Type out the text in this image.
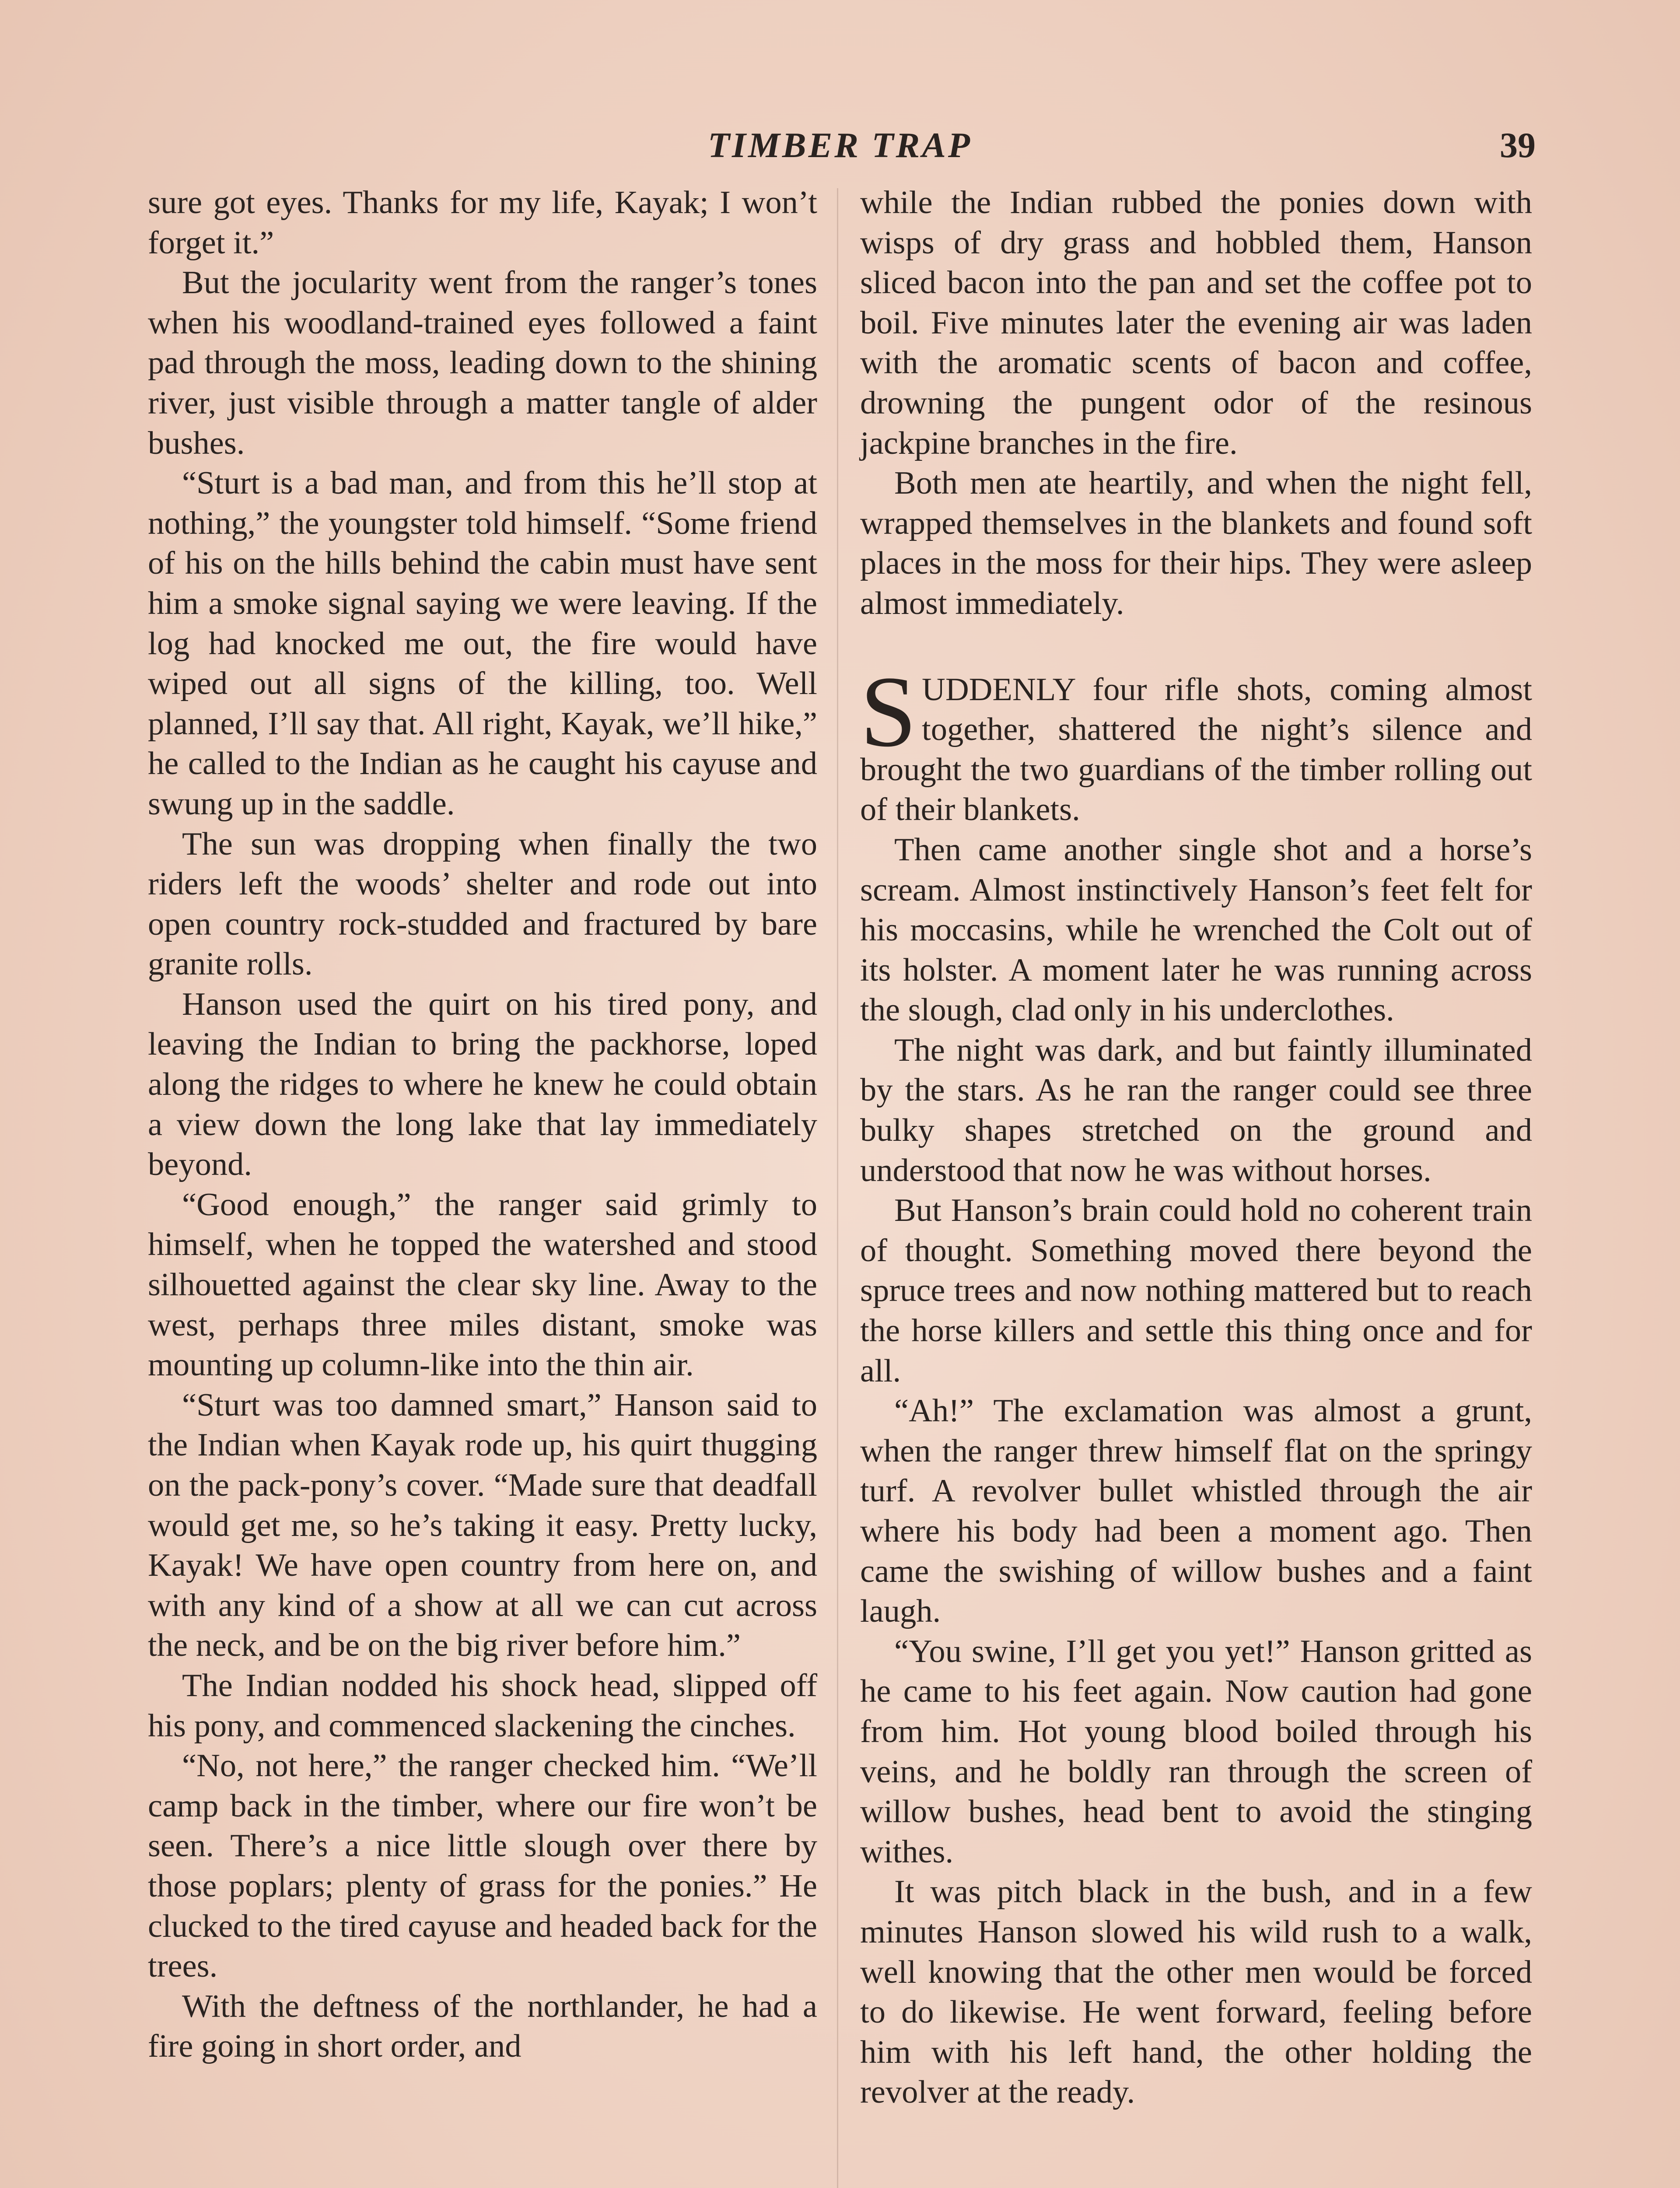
TIMBER TRAP	39

sure got eyes. Thanks for my life, Kayak; I won’t forget it.”

But the jocularity went from the ranger’s tones when his woodland-trained eyes followed a faint pad through the moss, leading down to the shining river, just visible through a matter tangle of alder bushes.

“Sturt is a bad man, and from this he’ll stop at nothing,” the youngster told himself. “Some friend of his on the hills behind the cabin must have sent him a smoke signal saying we were leaving. If the log had knocked me out, the fire would have wiped out all signs of the killing, too. Well planned, I’ll say that. All right, Kayak, we’ll hike,” he called to the Indian as he caught his cayuse and swung up in the saddle.

The sun was dropping when finally the two riders left the woods’ shelter and rode out into open country rock-studded and fractured by bare granite rolls.

Hanson used the quirt on his tired pony, and leaving the Indian to bring the packhorse, loped along the ridges to where he knew he could obtain a view down the long lake that lay immediately beyond.

“Good enough,” the ranger said grimly to himself, when he topped the watershed and stood silhouetted against the clear sky line. Away to the west, perhaps three miles distant, smoke was mounting up column-like into the thin air.

“Sturt was too damned smart,” Hanson said to the Indian when Kayak rode up, his quirt thugging on the pack-pony’s cover. “Made sure that deadfall would get me, so he’s taking it easy. Pretty lucky, Kayak! We have open country from here on, and with any kind of a show at all we can cut across the neck, and be on the big river before him.”

The Indian nodded his shock head, slipped off his pony, and commenced slackening the cinches.

“No, not here,” the ranger checked him. “We’ll camp back in the timber, where our fire won’t be seen. There’s a nice little slough over there by those poplars; plenty of grass for the ponies.” He clucked to the tired cayuse and headed back for the trees.

With the deftness of the northlander, he had a fire going in short order, and

while the Indian rubbed the ponies down with wisps of dry grass and hobbled them, Hanson sliced bacon into the pan and set the coffee pot to boil. Five minutes later the evening air was laden with the aromatic scents of bacon and coffee, drowning the pungent odor of the resinous jackpine branches in the fire.

Both men ate heartily, and when the night fell, wrapped themselves in the blankets and found soft places in the moss for their hips. They were asleep almost immediately.

SUDDENLY four rifle shots, coming almost together, shattered the night’s silence and brought the two guardians of the timber rolling out of their blankets.

Then came another single shot and a horse’s scream. Almost instinctively Hanson’s feet felt for his moccasins, while he wrenched the Colt out of its holster. A moment later he was running across the slough, clad only in his underclothes.

The night was dark, and but faintly illuminated by the stars. As he ran the ranger could see three bulky shapes stretched on the ground and understood that now he was without horses.

But Hanson’s brain could hold no coherent train of thought. Something moved there beyond the spruce trees and now nothing mattered but to reach the horse killers and settle this thing once and for all.

“Ah!” The exclamation was almost a grunt, when the ranger threw himself flat on the springy turf. A revolver bullet whistled through the air where his body had been a moment ago. Then came the swishing of willow bushes and a faint laugh.

“You swine, I’ll get you yet!” Hanson gritted as he came to his feet again. Now caution had gone from him. Hot young blood boiled through his veins, and he boldly ran through the screen of willow bushes, head bent to avoid the stinging withes.

It was pitch black in the bush, and in a few minutes Hanson slowed his wild rush to a walk, well knowing that the other men would be forced to do likewise. He went forward, feeling before him with his left hand, the other holding the revolver at the ready.
